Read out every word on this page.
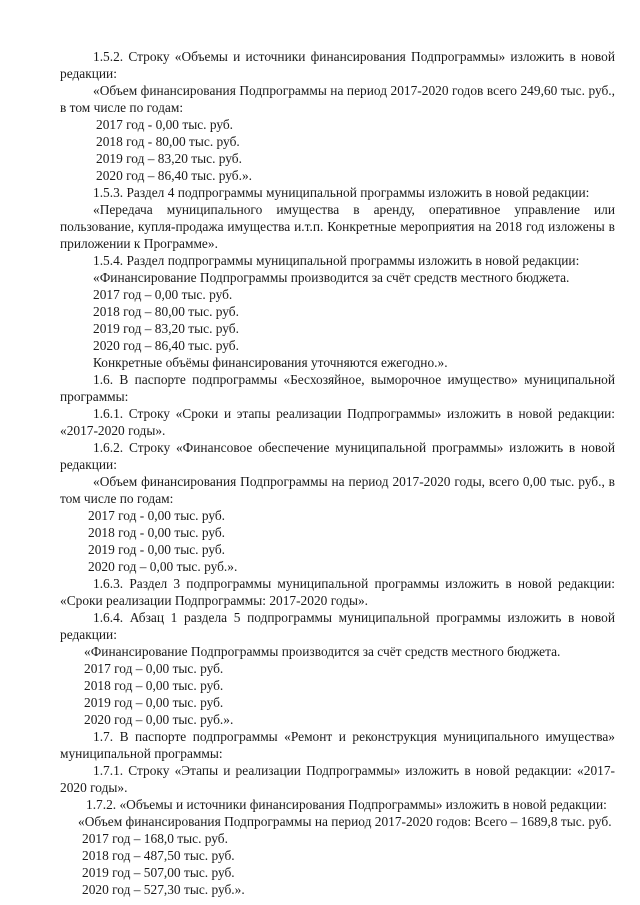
1.5.2. Строку «Объемы и источники финансирования Подпрограммы» изложить в новой редакции:
«Объем финансирования Подпрограммы на период 2017-2020 годов всего 249,60 тыс. руб., в том числе по годам:
2017 год - 0,00 тыс. руб.
2018 год - 80,00 тыс. руб.
2019 год – 83,20 тыс. руб.
2020 год – 86,40 тыс. руб.».
1.5.3. Раздел 4 подпрограммы муниципальной программы изложить в новой редакции:
«Передача муниципального имущества в аренду, оперативное управление или пользование, купля-продажа имущества и.т.п. Конкретные мероприятия на 2018 год изложены в приложении к Программе».
1.5.4. Раздел подпрограммы муниципальной программы изложить в новой редакции:
«Финансирование Подпрограммы производится за счёт средств местного бюджета.
2017 год – 0,00 тыс. руб.
2018 год – 80,00 тыс. руб.
2019 год – 83,20 тыс. руб.
2020 год – 86,40 тыс. руб.
Конкретные объёмы финансирования уточняются ежегодно.».
1.6. В паспорте подпрограммы «Бесхозяйное, выморочное имущество» муниципальной программы:
1.6.1. Строку «Сроки и этапы реализации Подпрограммы» изложить в новой редакции: «2017-2020 годы».
1.6.2. Строку «Финансовое обеспечение муниципальной программы» изложить в новой редакции:
«Объем финансирования Подпрограммы на период 2017-2020 годы, всего 0,00 тыс. руб., в том числе по годам:
2017 год - 0,00 тыс. руб.
2018 год - 0,00 тыс. руб.
2019 год - 0,00 тыс. руб.
2020 год – 0,00 тыс. руб.».
1.6.3. Раздел 3 подпрограммы муниципальной программы изложить в новой редакции: «Сроки реализации Подпрограммы: 2017-2020 годы».
1.6.4. Абзац 1 раздела 5 подпрограммы муниципальной программы изложить в новой редакции:
«Финансирование Подпрограммы производится за счёт средств местного бюджета.
2017 год – 0,00 тыс. руб.
2018 год – 0,00 тыс. руб.
2019 год – 0,00 тыс. руб.
2020 год – 0,00 тыс. руб.».
1.7. В паспорте подпрограммы «Ремонт и реконструкция муниципального имущества» муниципальной программы:
1.7.1. Строку «Этапы и реализации Подпрограммы» изложить в новой редакции: «2017-2020 годы».
1.7.2. «Объемы и источники финансирования Подпрограммы» изложить в новой редакции:
«Объем финансирования Подпрограммы на период 2017-2020 годов: Всего – 1689,8 тыс. руб.
2017 год – 168,0 тыс. руб.
2018 год – 487,50 тыс. руб.
2019 год – 507,00 тыс. руб.
2020 год – 527,30 тыс. руб.».
